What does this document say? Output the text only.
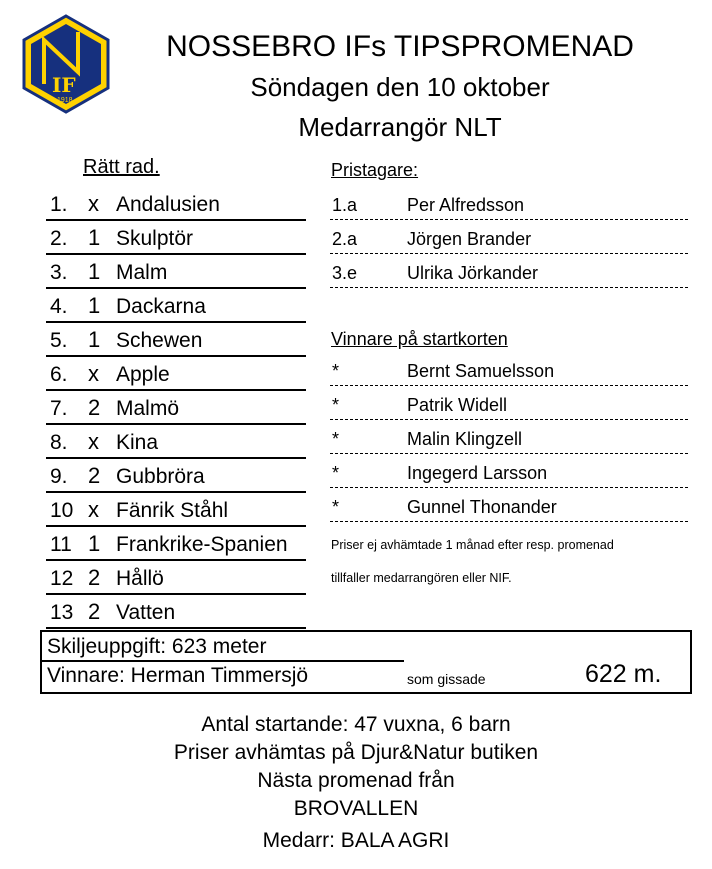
IF
1918
NOSSEBRO IFs TIPSPROMENAD
Söndagen den 10 oktober
Medarrangör NLT
Rätt rad.
1. x Andalusien
2. 1 Skulptör
3. 1 Malm
4. 1 Dackarna
5. 1 Schewen
6. x Apple
7. 2 Malmö
8. x Kina
9. 2 Gubbröra
10 x Fänrik Ståhl
11 1 Frankrike-Spanien
12 2 Hållö
13 2 Vatten
Pristagare:
1.a	Per Alfredsson
2.a	Jörgen Brander
3.e	Ulrika Jörkander
Vinnare på startkorten
*	Bernt Samuelsson
*	Patrik Widell
*	Malin Klingzell
*	Ingegerd Larsson
*	Gunnel Thonander
Priser ej avhämtade 1 månad efter resp. promenad
tillfaller medarrangören eller NIF.
Skiljeuppgift: 623 meter
Vinnare: Herman Timmersjö	som gissade	622 m.
Antal startande: 47 vuxna, 6 barn
Priser avhämtas på Djur&Natur butiken
Nästa promenad från
BROVALLEN
Medarr: BALA AGRI
